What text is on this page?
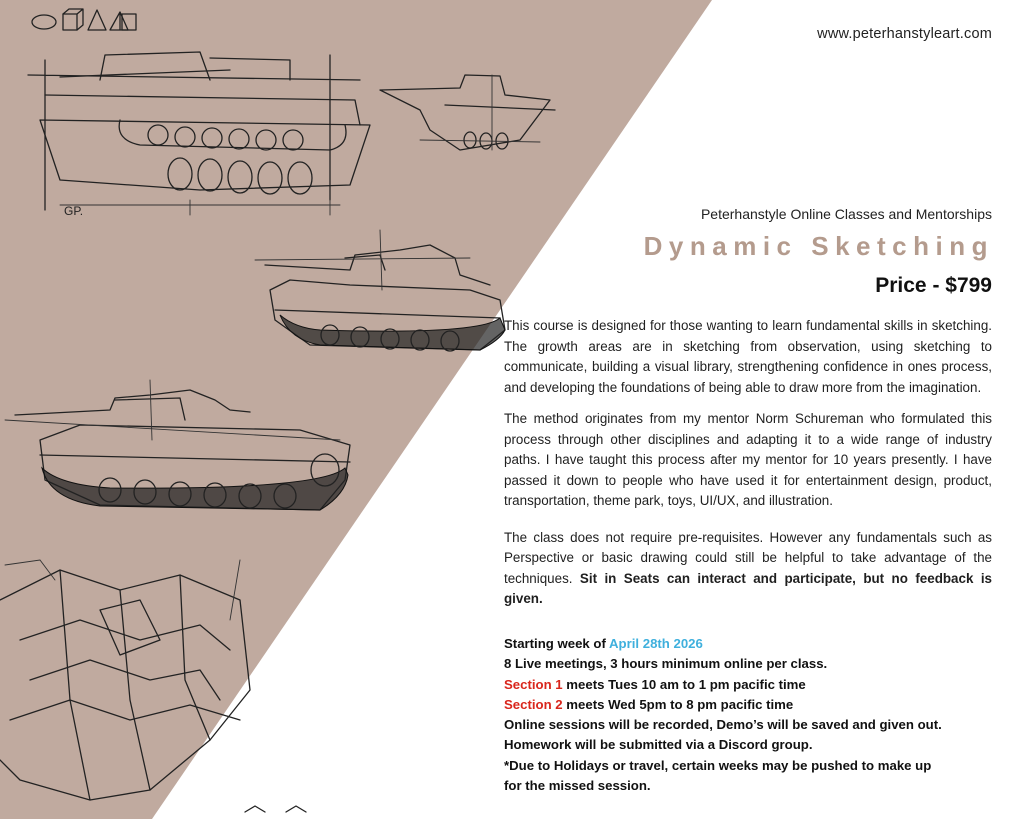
GP.
www.peterhanstyleart.com
Peterhanstyle Online Classes and Mentorships
Dynamic Sketching
Price - $799

This course is designed for those wanting to learn fundamental skills in sketching. The growth areas are in sketching from observation, using sketching to communicate, building a visual library, strengthening confidence in ones process, and developing the foundations of being able to draw more from the imagination.

The method originates from my mentor Norm Schureman who formulated this process through other disciplines and adapting it to a wide range of industry paths. I have taught this process after my mentor for 10 years presently. I have passed it down to people who have used it for entertainment design, product, transportation, theme park, toys, UI/UX, and illustration.

The class does not require pre-requisites. However any fundamentals such as Perspective or basic drawing could still be helpful to take advantage of the techniques. Sit in Seats can interact and participate, but no feedback is given.

Starting week of April 28th 2026
8 Live meetings, 3 hours minimum online per class.
Section 1 meets Tues 10 am to 1 pm pacific time
Section 2 meets Wed 5pm to 8 pm pacific time
Online sessions will be recorded, Demo’s will be saved and given out.
Homework will be submitted via a Discord group.
*Due to Holidays or travel, certain weeks may be pushed to make up
for the missed session.
